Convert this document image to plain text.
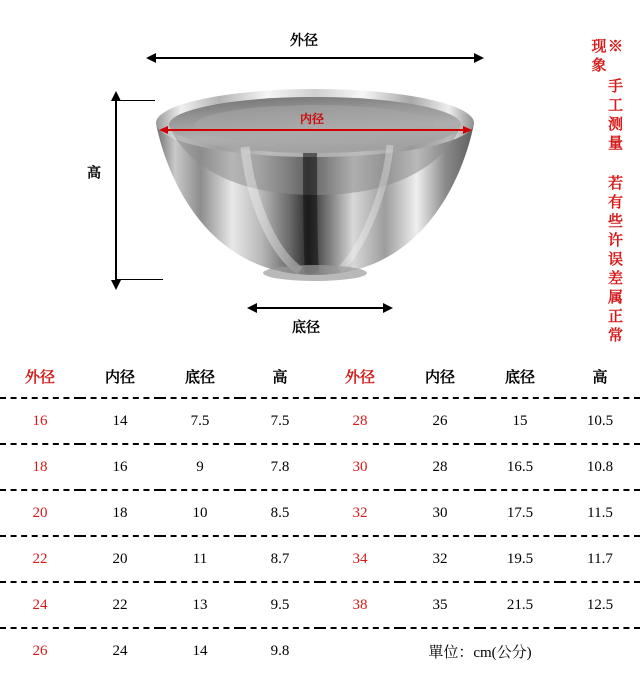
外径
内径
高
底径	※ 手工测量 若有些许误差属正常现象
外径	内径	底径	高
16	14	7.5	7.5
18	16	9	7.8
20	18	10	8.5
22	20	11	8.7
24	22	13	9.5
26	24	14	9.8
外径	内径	底径	高
28	26	15	10.5
30	28	16.5	10.8
32	30	17.5	11.5
34	32	19.5	11.7
38	35	21.5	12.5
單位：cm(公分)			
